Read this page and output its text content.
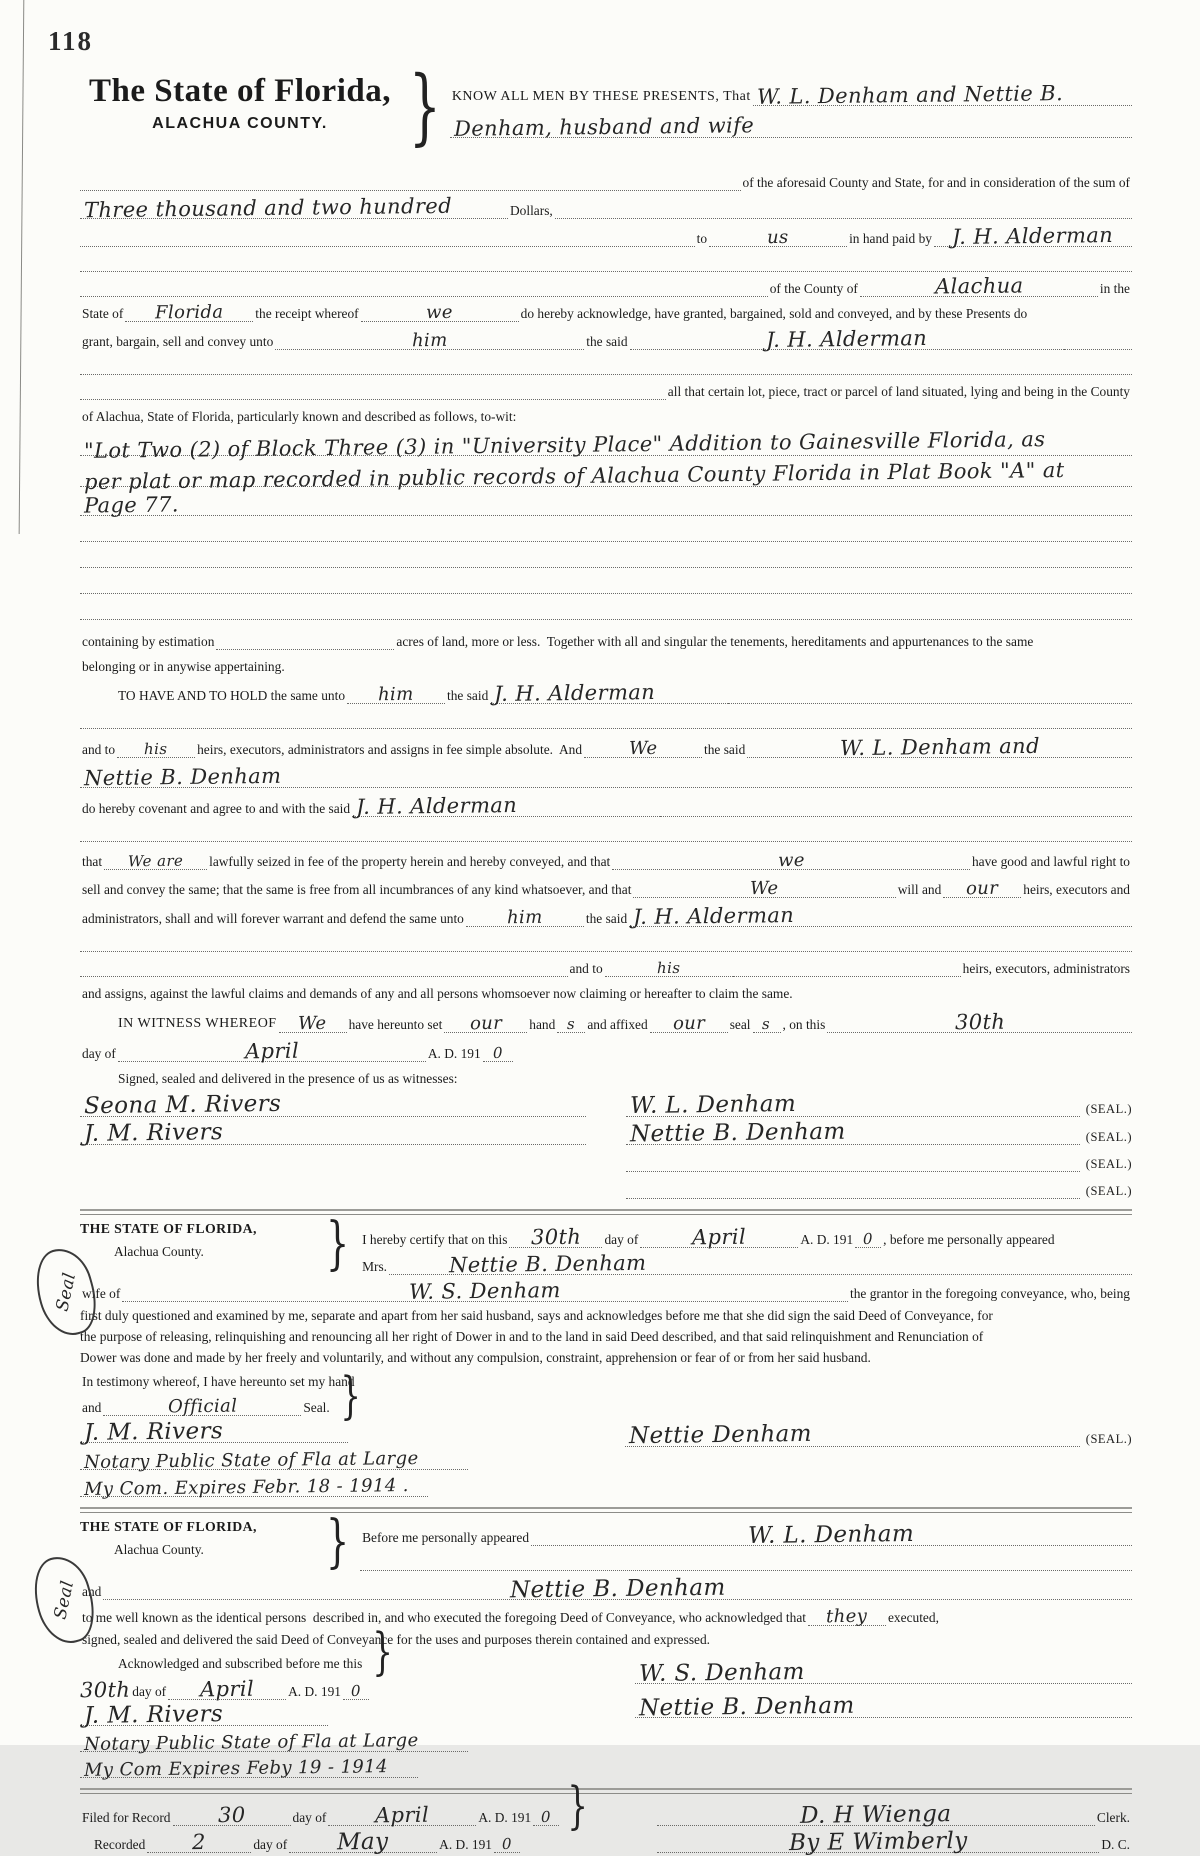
118
The State of Florida,
ALACHUA COUNTY.	} KNOW ALL MEN BY THESE PRESENTS, That W. L. Denham and Nettie B.
Denham, husband and wife
of the aforesaid County and State, for and in consideration of the sum of
Three thousand and two hundred	Dollars,
to	us	in hand paid by J. H. Alderman
of the County of	Alachua	in the
State of	Florida	the receipt whereof	we	do hereby acknowledge, have granted, bargained, sold and conveyed, and by these Presents do
grant, bargain, sell and convey unto	him	the said	J. H. Alderman
all that certain lot, piece, tract or parcel of land situated, lying and being in the County
of Alachua, State of Florida, particularly known and described as follows, to-wit:
"Lot Two (2) of Block Three (3) in "University Place" Addition to Gainesville Florida, as
per plat or map recorded in public records of Alachua County Florida in Plat Book "A" at
Page 77.
containing by estimation	acres of land, more or less.  Together with all and singular the tenements, hereditaments and appurtenances to the same
belonging or in anywise appertaining.
TO HAVE AND TO HOLD the same unto	him	the said J. H. Alderman
and to	his	heirs, executors, administrators and assigns in fee simple absolute.  And	We	the said	W. L. Denham and
Nettie B. Denham
do hereby covenant and agree to and with the said J. H. Alderman
that	We are	lawfully seized in fee of the property herein and hereby conveyed, and that	we	have good and lawful right to
sell and convey the same; that the same is free from all incumbrances of any kind whatsoever, and that	We	will and	our	heirs, executors and
administrators, shall and will forever warrant and defend the same unto	him	the said J. H. Alderman
and to	his	heirs, executors, administrators
and assigns, against the lawful claims and demands of any and all persons whomsoever now claiming or hereafter to claim the same.
IN WITNESS WHEREOF	We	have hereunto set	our	hand s and affixed	our	seal s , on this	30th
day of	April	A. D. 191 0
Signed, sealed and delivered in the presence of us as witnesses:
Seona M. Rivers
J. M. Rivers
W. L. Denham	(SEAL.)
Nettie B. Denham	(SEAL.)
(SEAL.)
(SEAL.)
THE STATE OF FLORIDA,
Alachua County.	} I hereby certify that on this	30th	day of	April	A. D. 191 0 , before me personally appeared
Mrs.	Nettie B. Denham
wife of	W. S. Denham	the grantor in the foregoing conveyance, who, being
first duly questioned and examined by me, separate and apart from her said husband, says and acknowledges before me that she did sign the said Deed of Conveyance, for
the purpose of releasing, relinquishing and renouncing all her right of Dower in and to the land in said Deed described, and that said relinquishment and Renunciation of
Dower was done and made by her freely and voluntarily, and without any compulsion, constraint, apprehension or fear of or from her said husband.
In testimony whereof, I have hereunto set my hand
and	Official	Seal. }
J. M. Rivers
Notary Public State of Fla at Large
My Com. Expires Febr. 18 - 1914 .
Nettie Denham	(SEAL.)
THE STATE OF FLORIDA,
Alachua County.	} Before me personally appeared	W. L. Denham
and	Nettie B. Denham
to me well known as the identical persons  described in, and who executed the foregoing Deed of Conveyance, who acknowledged that	they	executed,
signed, sealed and delivered the said Deed of Conveyance for the uses and purposes therein contained and expressed.
Acknowledged and subscribed before me this }
30th day of	April	A. D. 191 0
J. M. Rivers
Notary Public State of Fla at Large
My Com Expires Feby 19 - 1914
W. S. Denham
Nettie B. Denham
Filed for Record	30	day of	April	A. D. 191 0 }
Recorded	2	day of	May	A. D. 191 0
D. H Wienga	Clerk.
By E Wimberly	D. C.
Seal
Seal
